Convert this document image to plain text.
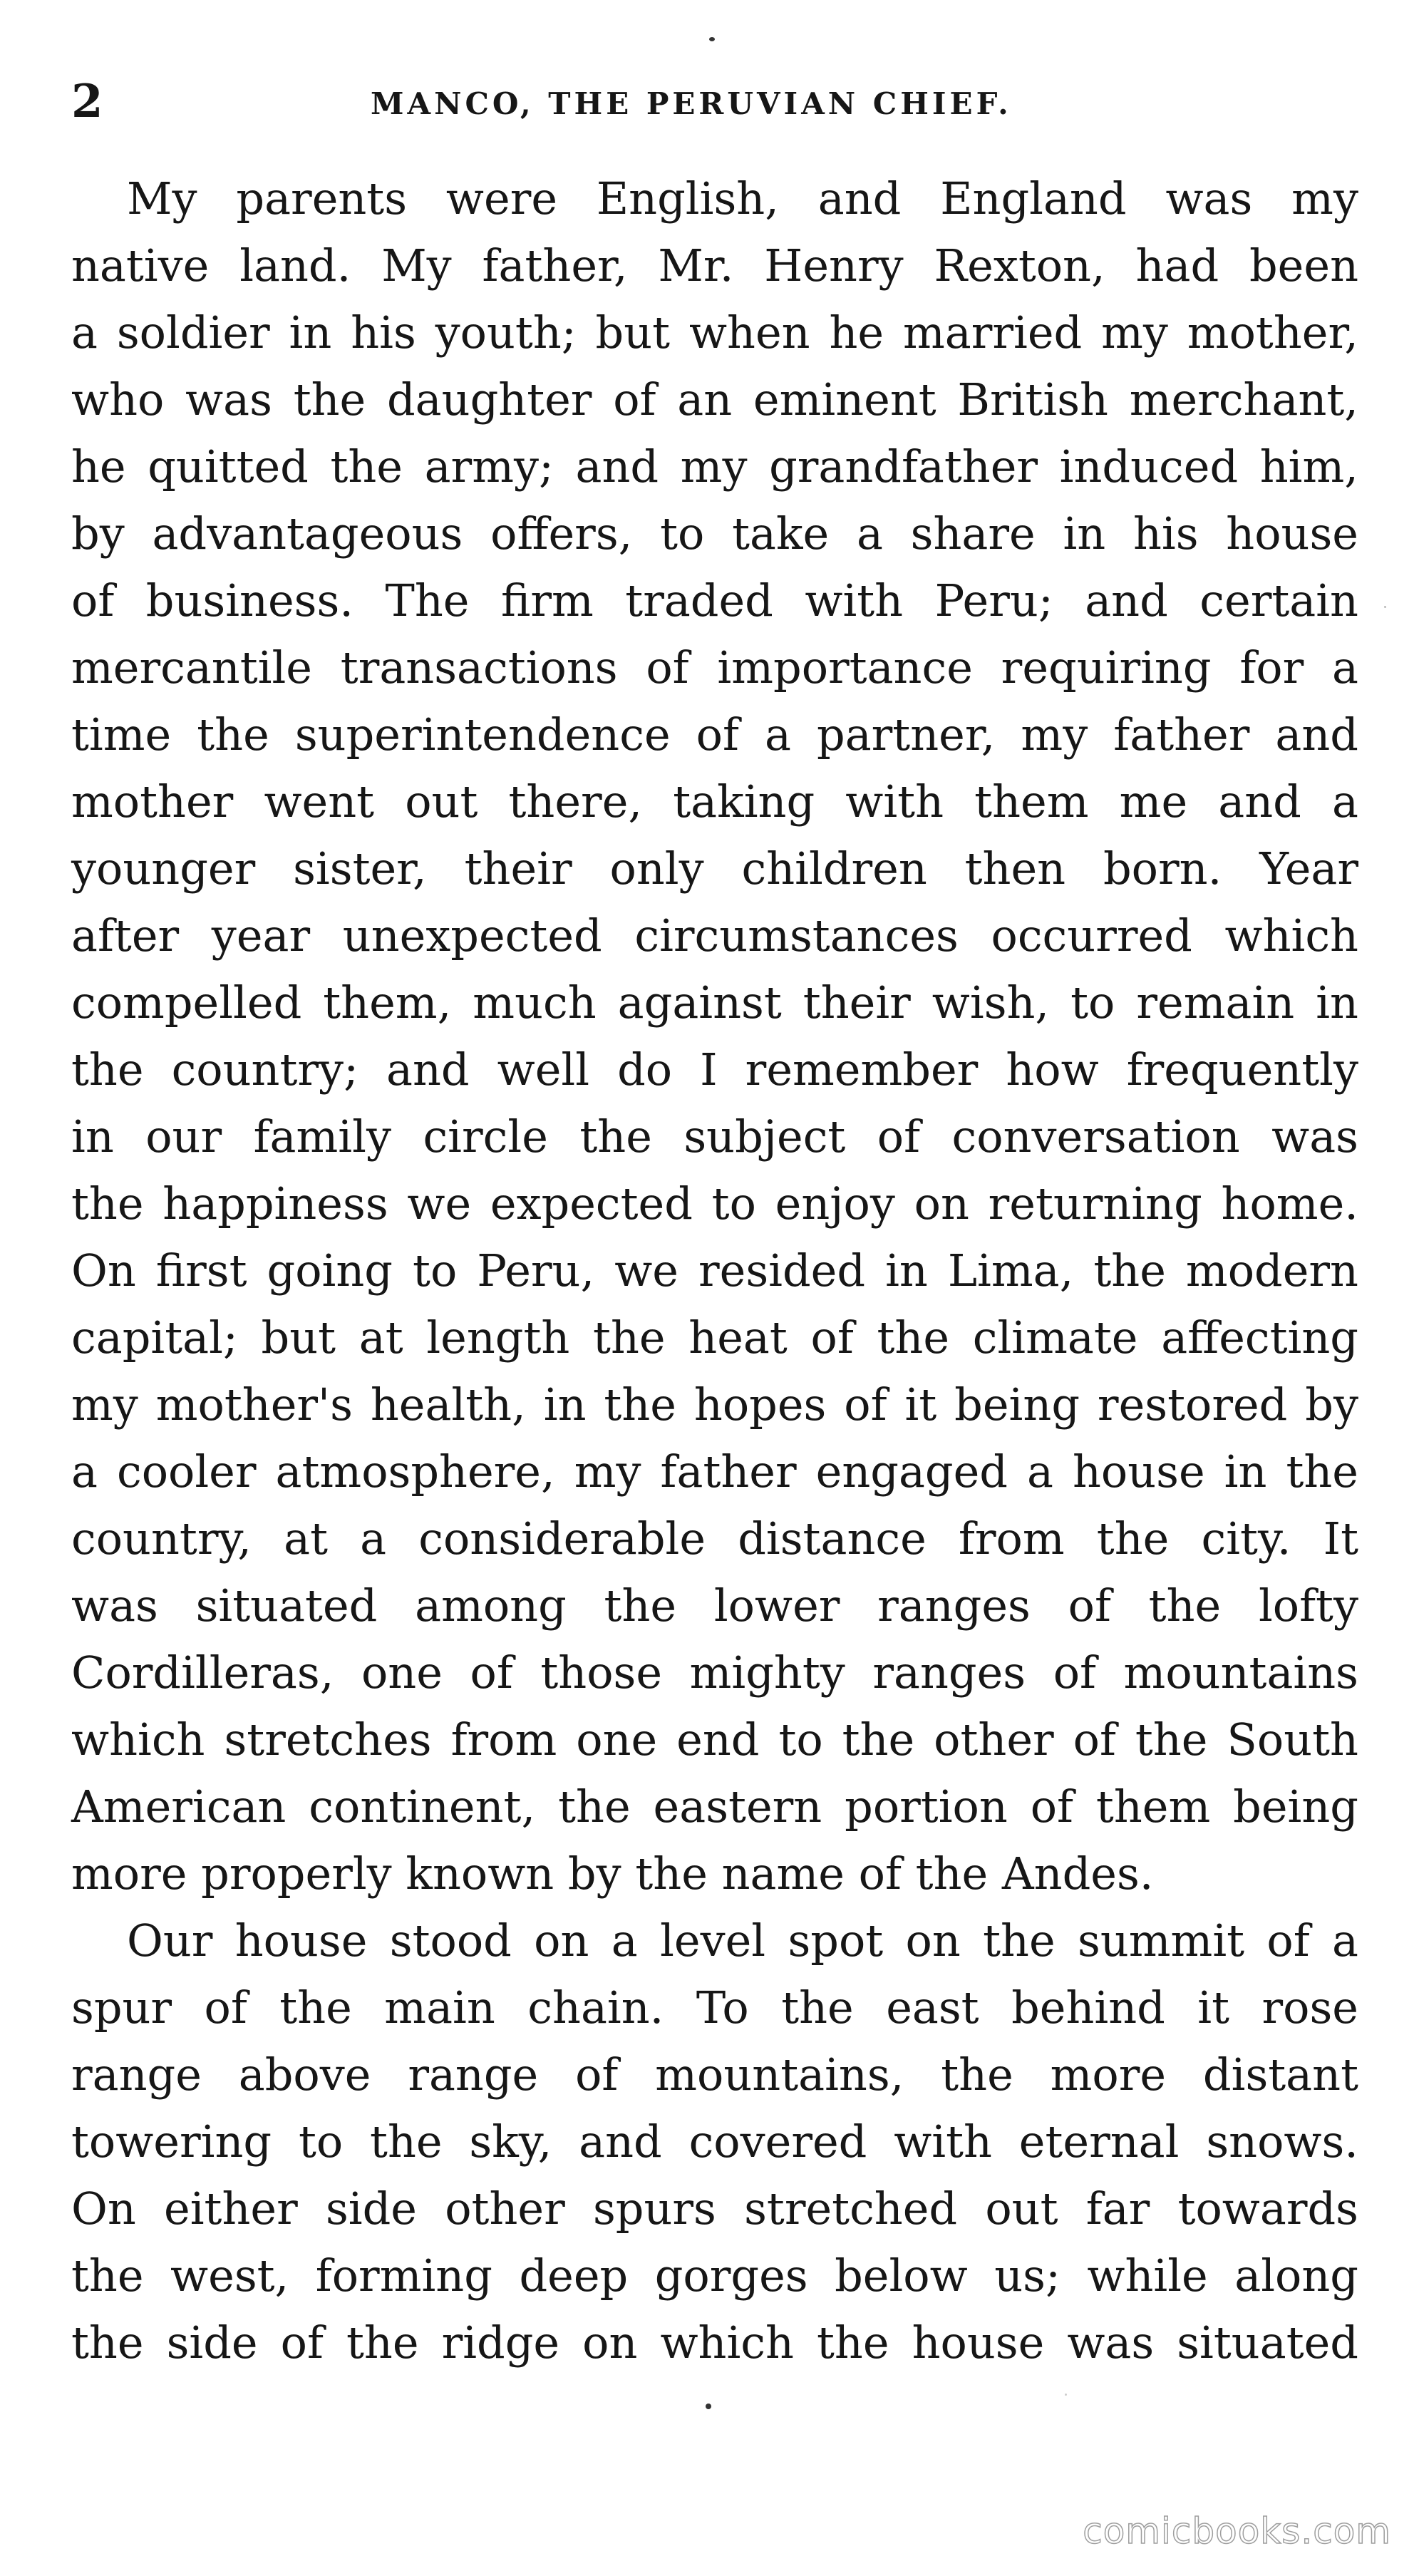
2	MANCO, THE PERUVIAN CHIEF.
My parents were English, and England was my
native land. My father, Mr. Henry Rexton, had been
a soldier in his youth; but when he married my mother,
who was the daughter of an eminent British merchant,
he quitted the army; and my grandfather induced him,
by advantageous offers, to take a share in his house
of business. The firm traded with Peru; and certain
mercantile transactions of importance requiring for a
time the superintendence of a partner, my father and
mother went out there, taking with them me and a
younger sister, their only children then born. Year
after year unexpected circumstances occurred which
compelled them, much against their wish, to remain in
the country; and well do I remember how frequently
in our family circle the subject of conversation was
the happiness we expected to enjoy on returning home.
On first going to Peru, we resided in Lima, the modern
capital; but at length the heat of the climate affecting
my mother's health, in the hopes of it being restored by
a cooler atmosphere, my father engaged a house in the
country, at a considerable distance from the city. It
was situated among the lower ranges of the lofty
Cordilleras, one of those mighty ranges of mountains
which stretches from one end to the other of the South
American continent, the eastern portion of them being
more properly known by the name of the Andes.
Our house stood on a level spot on the summit of a
spur of the main chain. To the east behind it rose
range above range of mountains, the more distant
towering to the sky, and covered with eternal snows.
On either side other spurs stretched out far towards
the west, forming deep gorges below us; while along
the side of the ridge on which the house was situated
comicbooks.com
